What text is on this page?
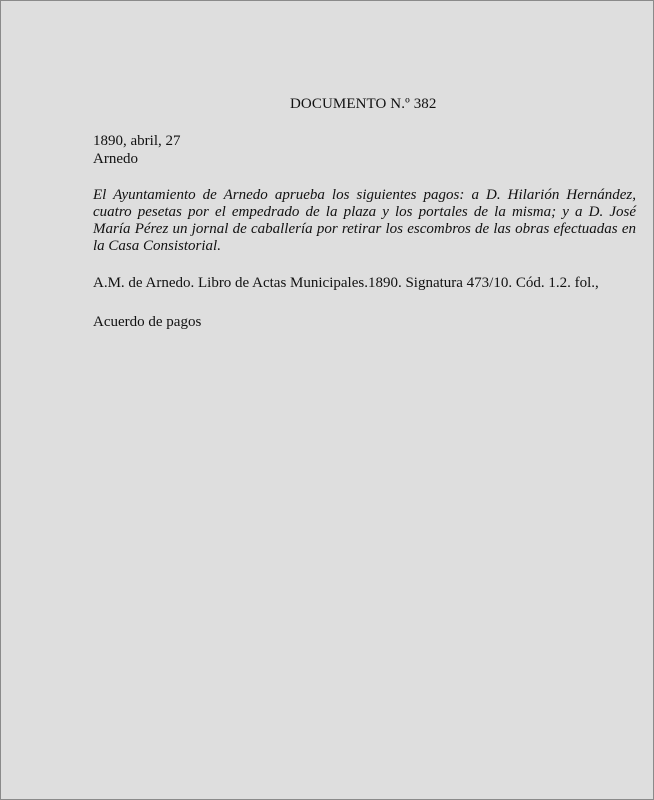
DOCUMENTO N.º 382
1890, abril, 27
Arnedo
El Ayuntamiento de Arnedo aprueba los siguientes pagos: a D. Hilarión Hernández, cuatro pesetas por el empedrado de la plaza y los portales de la misma; y a D. José María Pérez un jornal de caballería por retirar los escombros de las obras efectuadas en la Casa Consistorial.
A.M. de Arnedo. Libro de Actas Municipales.1890. Signatura 473/10. Cód. 1.2. fol.,
Acuerdo de pagos
